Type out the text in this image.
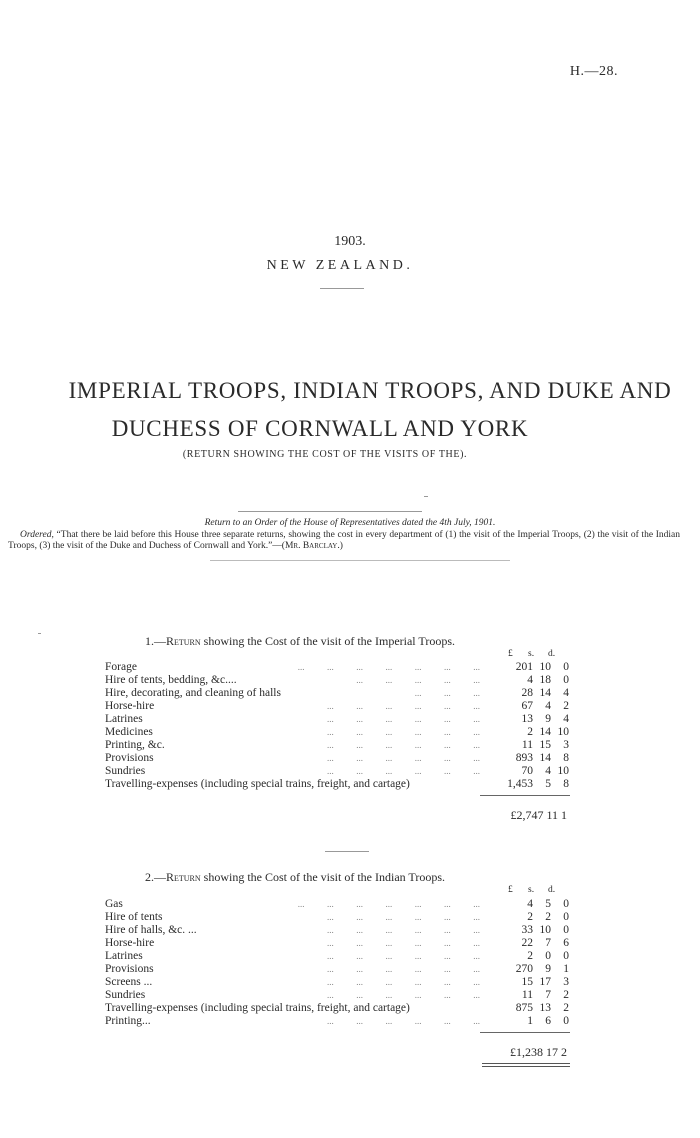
H.—28.
1903.
NEW ZEALAND.
IMPERIAL TROOPS, INDIAN TROOPS, AND DUKE AND
DUCHESS OF CORNWALL AND YORK
(RETURN SHOWING THE COST OF THE VISITS OF THE).
Return to an Order of the House of Representatives dated the 4th July, 1901.
Ordered, “That there be laid before this House three separate returns, showing the cost in every department of (1) the visit of the Imperial Troops, (2) the visit of the Indian Troops, (3) the visit of the Duke and Duchess of Cornwall and York.”—(Mr. Barclay.)
1.—Return showing the Cost of the visit of the Imperial Troops.
£ s. d.
Forage	...          ...          ...          ...          ...          ...          ...	201 10	0
Hire of tents, bedding, &c....	...          ...          ...          ...          ...	4 18	0
Hire, decorating, and cleaning of halls	...          ...          ...	28 14	4
Horse-hire	...          ...          ...          ...          ...          ...	67	4	2
Latrines	...          ...          ...          ...          ...          ...	13	9	4
Medicines	...          ...          ...          ...          ...          ...	2 14 10
Printing, &c.	...          ...          ...          ...          ...          ...	11 15	3
Provisions	...          ...          ...          ...          ...          ...	893 14	8
Sundries	...          ...          ...          ...          ...          ...	70	4 10
Travelling-expenses (including special trains, freight, and cartage)	1,453	5	8
£2,747 11 1
2.—Return showing the Cost of the visit of the Indian Troops.
£ s. d.
Gas	...          ...          ...          ...          ...          ...          ...	4	5	0
Hire of tents	...          ...          ...          ...          ...          ...	2	2	0
Hire of halls, &c. ...	...          ...          ...          ...          ...          ...	33 10	0
Horse-hire	...          ...          ...          ...          ...          ...	22	7	6
Latrines	...          ...          ...          ...          ...          ...	2	0	0
Provisions	...          ...          ...          ...          ...          ...	270	9	1
Screens ...	...          ...          ...          ...          ...          ...	15 17	3
Sundries	...          ...          ...          ...          ...          ...	11	7	2
Travelling-expenses (including special trains, freight, and cartage)	875 13	2
Printing...	...          ...          ...          ...          ...          ...	1	6	0
£1,238 17 2
